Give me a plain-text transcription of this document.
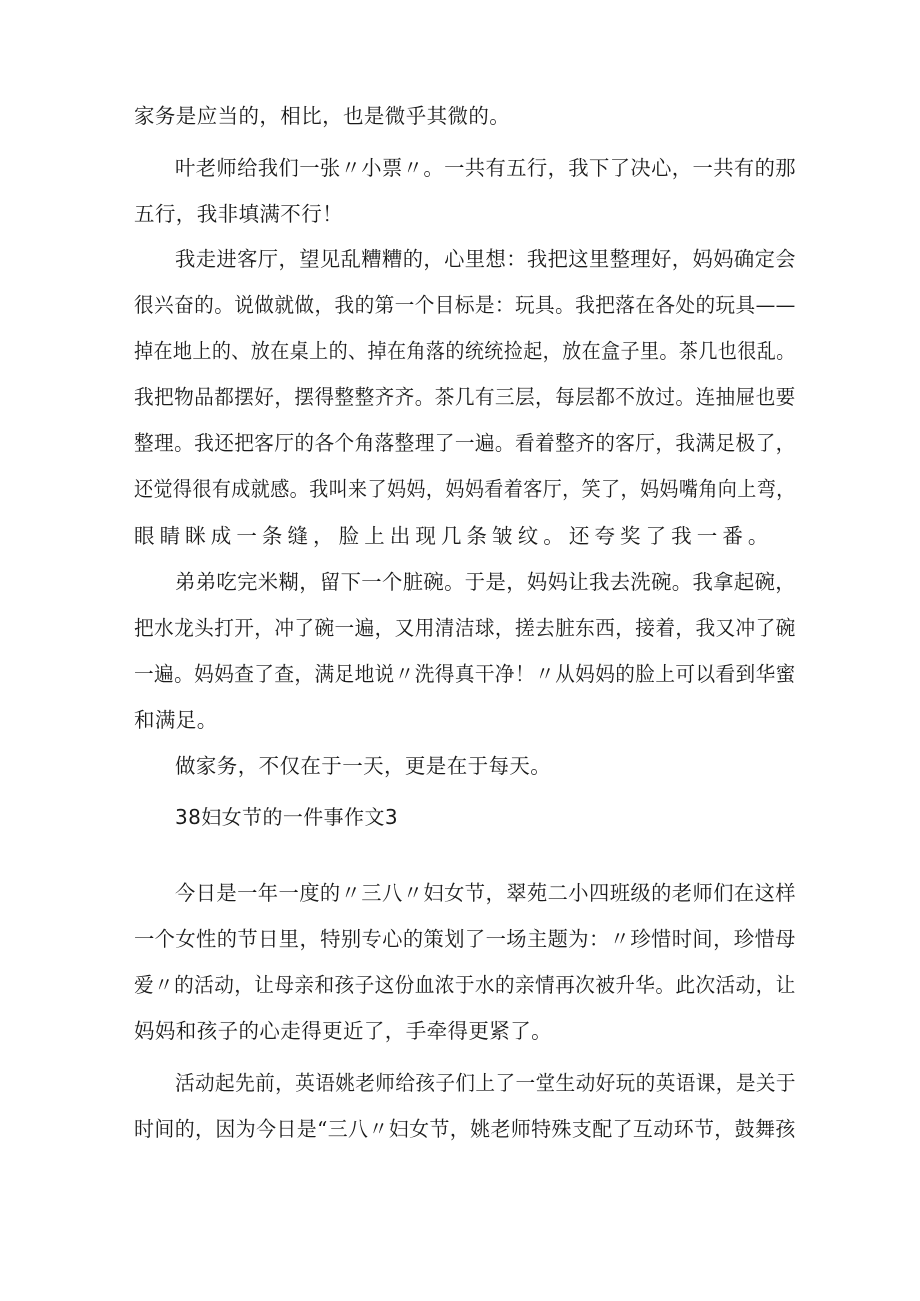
家务是应当的，相比，也是微乎其微的。

叶老师给我们一张〃小票〃。一共有五行，我下了决心，一共有的那

五行，我非填满不行！

我走进客厅，望见乱糟糟的，心里想：我把这里整理好，妈妈确定会

很兴奋的。说做就做，我的第一个目标是：玩具。我把落在各处的玩具——

掉在地上的、放在桌上的、掉在角落的统统捡起，放在盒子里。茶几也很乱。

我把物品都摆好，摆得整整齐齐。茶几有三层，每层都不放过。连抽屉也要

整理。我还把客厅的各个角落整理了一遍。看着整齐的客厅，我满足极了，

还觉得很有成就感。我叫来了妈妈，妈妈看着客厅，笑了，妈妈嘴角向上弯，

眼睛眯成一条缝，脸上出现几条皱纹。还夸奖了我一番。

弟弟吃完米糊，留下一个脏碗。于是，妈妈让我去洗碗。我拿起碗，

把水龙头打开，冲了碗一遍，又用清洁球，搓去脏东西，接着，我又冲了碗

一遍。妈妈查了查，满足地说〃洗得真干净！〃从妈妈的脸上可以看到华蜜

和满足。

做家务，不仅在于一天，更是在于每天。

38妇女节的一件事作文3

今日是一年一度的〃三八〃妇女节，翠苑二小四班级的老师们在这样

一个女性的节日里，特别专心的策划了一场主题为：〃珍惜时间，珍惜母

爱〃的活动，让母亲和孩子这份血浓于水的亲情再次被升华。此次活动，让

妈妈和孩子的心走得更近了，手牵得更紧了。

活动起先前，英语姚老师给孩子们上了一堂生动好玩的英语课，是关于

时间的，因为今日是“三八〃妇女节，姚老师特殊支配了互动环节，鼓舞孩
